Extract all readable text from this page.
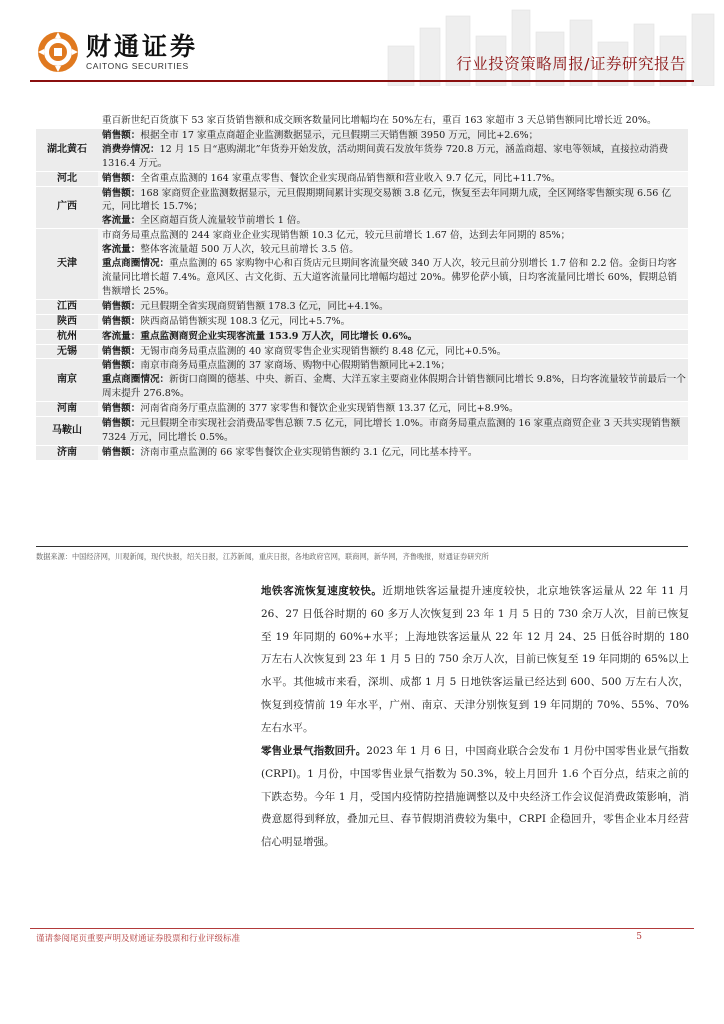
财通证券
CAITONG SECURITIES	行业投资策略周报/证券研究报告

	重百新世纪百货旗下 53 家百货销售额和成交顾客数量同比增幅均在 50%左右，重百 163 家超市 3 天总销售额同比增长近 20%。

湖北黄石	销售额：根据全市 17 家重点商超企业监测数据显示，元旦假期三天销售额 3950 万元，同比+2.6%；
消费券情况：12 月 15 日“惠购湖北”年货券开始发放，活动期间黄石发放年货券 720.8 万元，涵盖商超、家电等领域，直接拉动消费 1316.4 万元。

河北	销售额：全省重点监测的 164 家重点零售、餐饮企业实现商品销售额和营业收入 9.7 亿元，同比+11.7%。

广西	销售额：168 家商贸企业监测数据显示，元旦假期期间累计实现交易额 3.8 亿元，恢复至去年同期九成，全区网络零售额实现 6.56 亿元，同比增长 15.7%；
客流量：全区商超百货人流量较节前增长 1 倍。

天津	市商务局重点监测的 244 家商业企业实现销售额 10.3 亿元，较元旦前增长 1.67 倍，达到去年同期的 85%；
客流量：整体客流量超 500 万人次，较元旦前增长 3.5 倍。
重点商圈情况：重点监测的 65 家购物中心和百货店元旦期间客流量突破 340 万人次，较元旦前分别增长 1.7 倍和 2.2 倍。金街日均客流量同比增长超 7.4%。意风区、古文化街、五大道客流量同比增幅均超过 20%。佛罗伦萨小镇，日均客流量同比增长 60%，假期总销售额增长 25%。

江西	销售额：元旦假期全省实现商贸销售额 178.3 亿元，同比+4.1%。

陕西	销售额：陕西商品销售额实现 108.3 亿元，同比+5.7%。

杭州	客流量：重点监测商贸企业实现客流量 153.9 万人次，同比增长 0.6%。

无锡	销售额：无锡市商务局重点监测的 40 家商贸零售企业实现销售额约 8.48 亿元，同比+0.5%。

南京	销售额：南京市商务局重点监测的 37 家商场、购物中心假期销售额同比+2.1%；
重点商圈情况：新街口商圈的德基、中央、新百、金鹰、大洋五家主要商业体假期合计销售额同比增长 9.8%，日均客流量较节前最后一个周末提升 276.8%。

河南	销售额：河南省商务厅重点监测的 377 家零售和餐饮企业实现销售额 13.37 亿元，同比+8.9%。

马鞍山	销售额：元旦假期全市实现社会消费品零售总额 7.5 亿元，同比增长 1.0%。市商务局重点监测的 16 家重点商贸企业 3 天共实现销售额 7324 万元，同比增长 0.5%。

济南	销售额：济南市重点监测的 66 家零售餐饮企业实现销售额约 3.1 亿元，同比基本持平。
数据来源：中国经济网，川观新闻，现代快报，绍关日报，江苏新闻，重庆日报，各地政府官网，联商网，新华网，齐鲁晚报，财通证券研究所
地铁客流恢复速度较快。近期地铁客运量提升速度较快，北京地铁客运量从 22 年 11 月 26、27 日低谷时期的 60 多万人次恢复到 23 年 1 月 5 日的 730 余万人次，目前已恢复至 19 年同期的 60%+水平；上海地铁客运量从 22 年 12 月 24、25 日低谷时期的 180 万左右人次恢复到 23 年 1 月 5 日的 750 余万人次，目前已恢复至 19 年同期的 65%以上水平。其他城市来看，深圳、成都 1 月 5 日地铁客运量已经达到 600、500 万左右人次，恢复到疫情前 19 年水平，广州、南京、天津分别恢复到 19 年同期的 70%、55%、70%左右水平。
零售业景气指数回升。2023 年 1 月 6 日，中国商业联合会发布 1 月份中国零售业景气指数(CRPI)。1 月份，中国零售业景气指数为 50.3%，较上月回升 1.6 个百分点，结束之前的下跌态势。今年 1 月，受国内疫情防控措施调整以及中央经济工作会议促消费政策影响，消费意愿得到释放，叠加元旦、春节假期消费较为集中，CRPI 企稳回升，零售企业本月经营信心明显增强。
谨请参阅尾页重要声明及财通证券股票和行业评级标准	5
